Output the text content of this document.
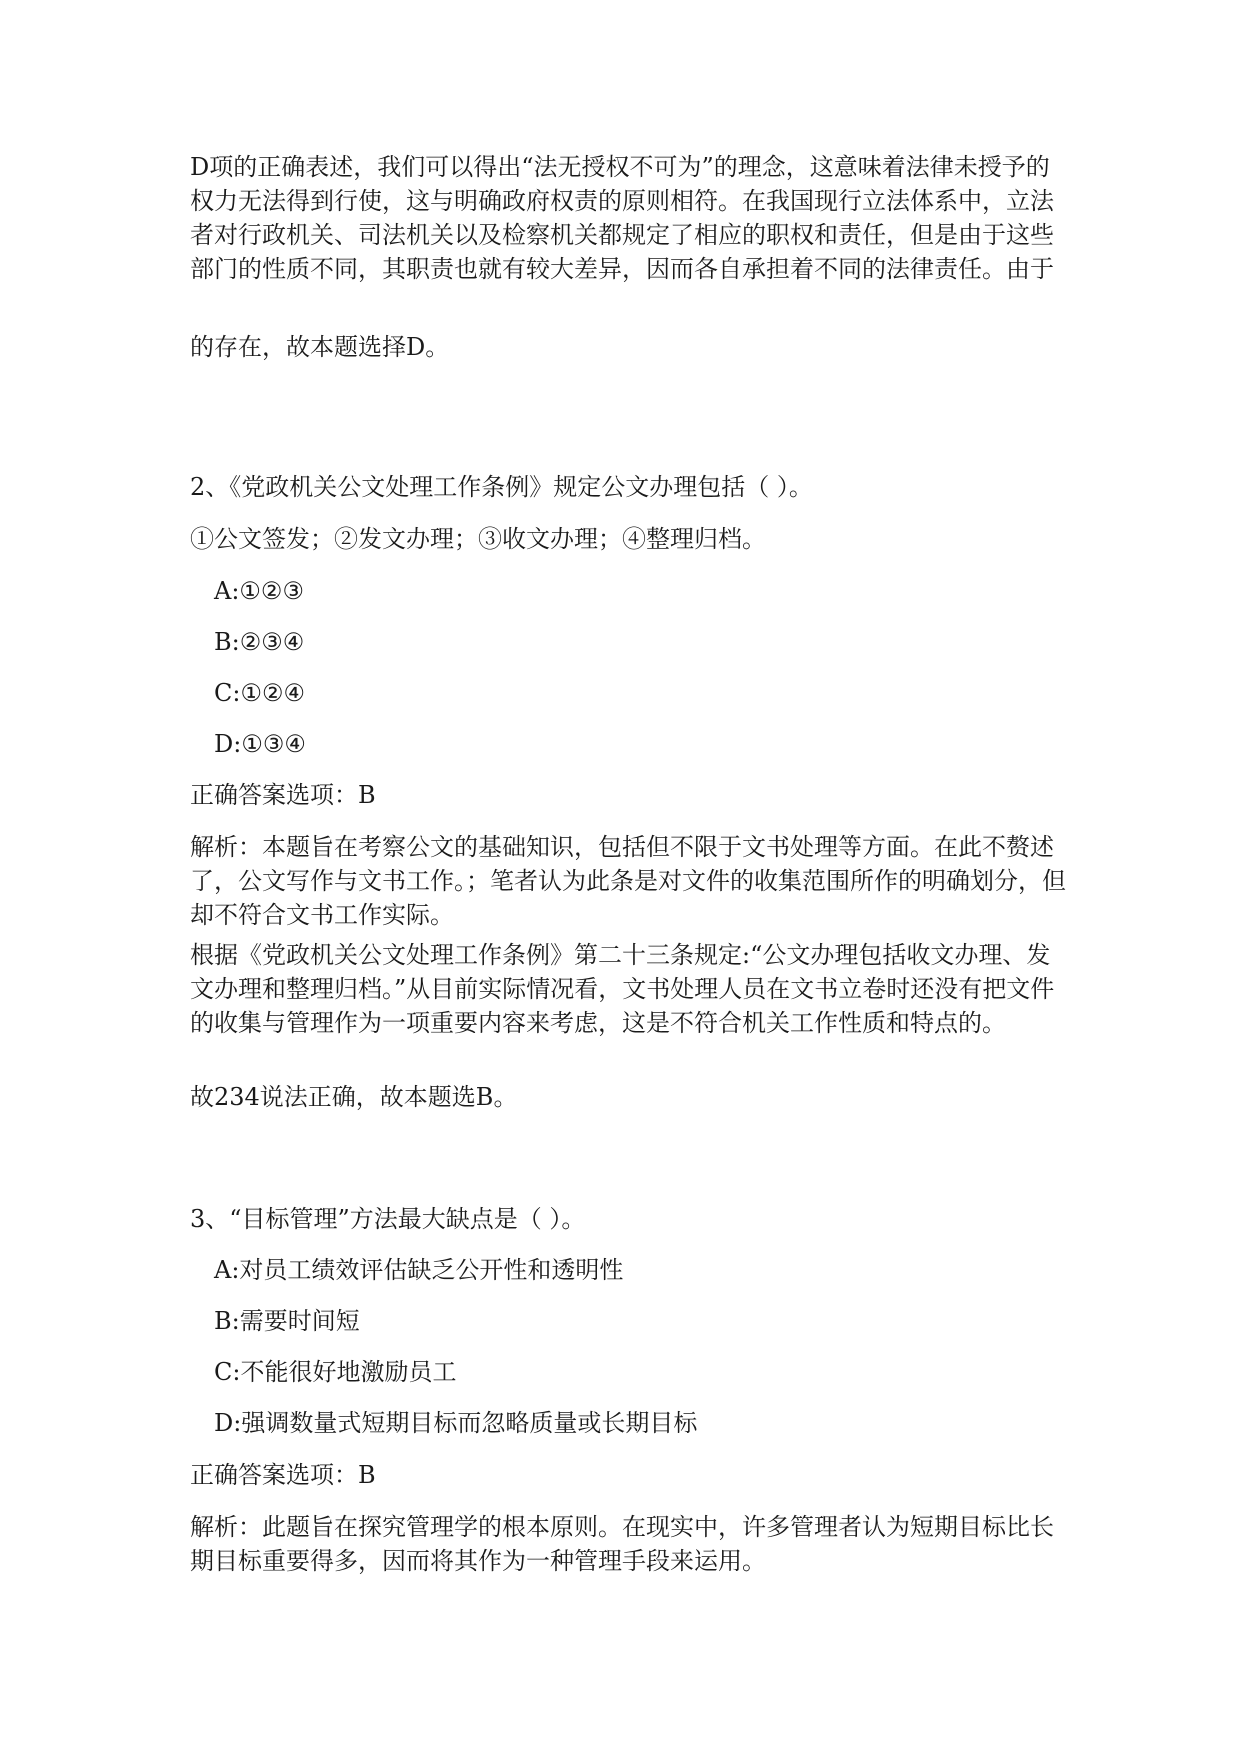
D项的正确表述，我们可以得出“法无授权不可为”的理念，这意味着法律未授予的权力无法得到行使，这与明确政府权责的原则相符。在我国现行立法体系中，立法者对行政机关、司法机关以及检察机关都规定了相应的职权和责任，但是由于这些部门的性质不同，其职责也就有较大差异，因而各自承担着不同的法律责任。由于

的存在，故本题选择D。

2、《党政机关公文处理工作条例》规定公文办理包括（ ）。

①公文签发；②发文办理；③收文办理；④整理归档。

A:①②③

B:②③④

C:①②④

D:①③④

正确答案选项：B

解析：本题旨在考察公文的基础知识，包括但不限于文书处理等方面。在此不赘述了，公文写作与文书工作。；笔者认为此条是对文件的收集范围所作的明确划分，但却不符合文书工作实际。

根据《党政机关公文处理工作条例》第二十三条规定:“公文办理包括收文办理、发文办理和整理归档。”从目前实际情况看，文书处理人员在文书立卷时还没有把文件的收集与管理作为一项重要内容来考虑，这是不符合机关工作性质和特点的。

故234说法正确，故本题选B。

3、“目标管理”方法最大缺点是（ ）。

A:对员工绩效评估缺乏公开性和透明性

B:需要时间短

C:不能很好地激励员工

D:强调数量式短期目标而忽略质量或长期目标

正确答案选项：B

解析：此题旨在探究管理学的根本原则。在现实中，许多管理者认为短期目标比长期目标重要得多，因而将其作为一种管理手段来运用。
